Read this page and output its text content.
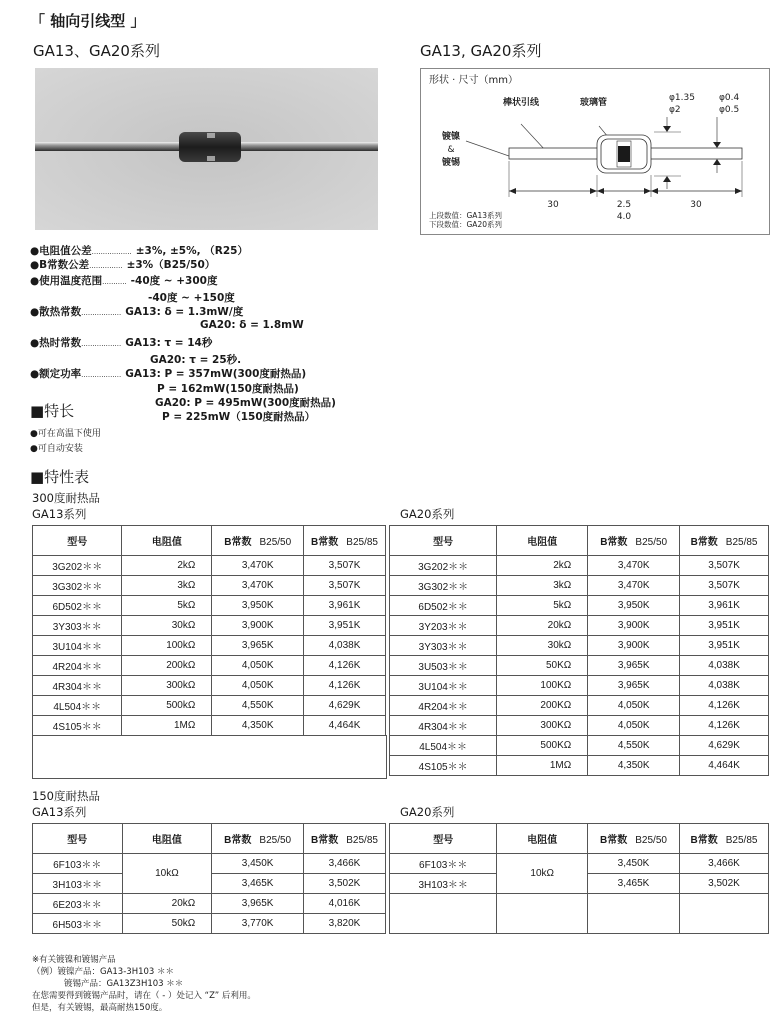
「 轴向引线型 」
GA13、GA20系列	GA13, GA20系列
形状 · 尺寸（mm）
棒状引线	玻璃管
镀镍
&
镀锡
φ1.35
φ2
φ0.4
φ0.5
30	2.5
4.0
30
上段数值：GA13系列
下段数值：GA20系列
●电阻值公差.................. ±3%, ±5%, （R25）
●B常数公差............... ±3%（B25/50）
●使用温度范围........... -40度 ~ +300度
-40度 ~ +150度
●散热常数.................. GA13: δ = 1.3mW/度
GA20: δ = 1.8mW
●热时常数.................. GA13: τ = 14秒
GA20: τ = 25秒.
●额定功率.................. GA13: P = 357mW(300度耐热品)
P = 162mW(150度耐热品)
GA20: P = 495mW(300度耐热品)
P = 225mW（150度耐热品）
■特长
●可在高温下使用
●可自动安装
■特性表
300度耐热品
GA13系列	GA20系列
型号	电阻值	B常数 B25/50	B常数 B25/85
3G202＊＊	2kΩ	3,470K	3,507K
3G302＊＊	3kΩ	3,470K	3,507K
6D502＊＊	5kΩ	3,950K	3,961K
3Y303＊＊	30kΩ	3,900K	3,951K
3U104＊＊	100kΩ	3,965K	4,038K
4R204＊＊	200kΩ	4,050K	4,126K
4R304＊＊	300kΩ	4,050K	4,126K
4L504＊＊	500kΩ	4,550K	4,629K
4S105＊＊	1MΩ	4,350K	4,464K
型号	电阻值	B常数 B25/50	B常数 B25/85
3G202＊＊	2kΩ	3,470K	3,507K
3G302＊＊	3kΩ	3,470K	3,507K
6D502＊＊	5kΩ	3,950K	3,961K
3Y203＊＊	20kΩ	3,900K	3,951K
3Y303＊＊	30kΩ	3,900K	3,951K
3U503＊＊	50KΩ	3,965K	4,038K
3U104＊＊	100KΩ	3,965K	4,038K
4R204＊＊	200KΩ	4,050K	4,126K
4R304＊＊	300KΩ	4,050K	4,126K
4L504＊＊	500KΩ	4,550K	4,629K
4S105＊＊	1MΩ	4,350K	4,464K
150度耐热品
GA13系列	GA20系列
型号	电阻值	B常数 B25/50	B常数 B25/85
6F103＊＊	10kΩ	3,450K	3,466K
3H103＊＊		3,465K	3,502K
6E203＊＊	20kΩ	3,965K	4,016K
6H503＊＊	50kΩ	3,770K	3,820K
型号	电阻值	B常数 B25/50	B常数 B25/85
6F103＊＊	10kΩ	3,450K	3,466K
3H103＊＊		3,465K	3,502K

※有关镀镍和镀锡产品
（例）镀镍产品：GA13-3H103 ＊＊
镀锡产品：GA13Z3H103 ＊＊
在您需要得到镀锡产品时，请在（ - ）处记入 “Z” 后利用。
但是，有关镀锡，最高耐热150度。
